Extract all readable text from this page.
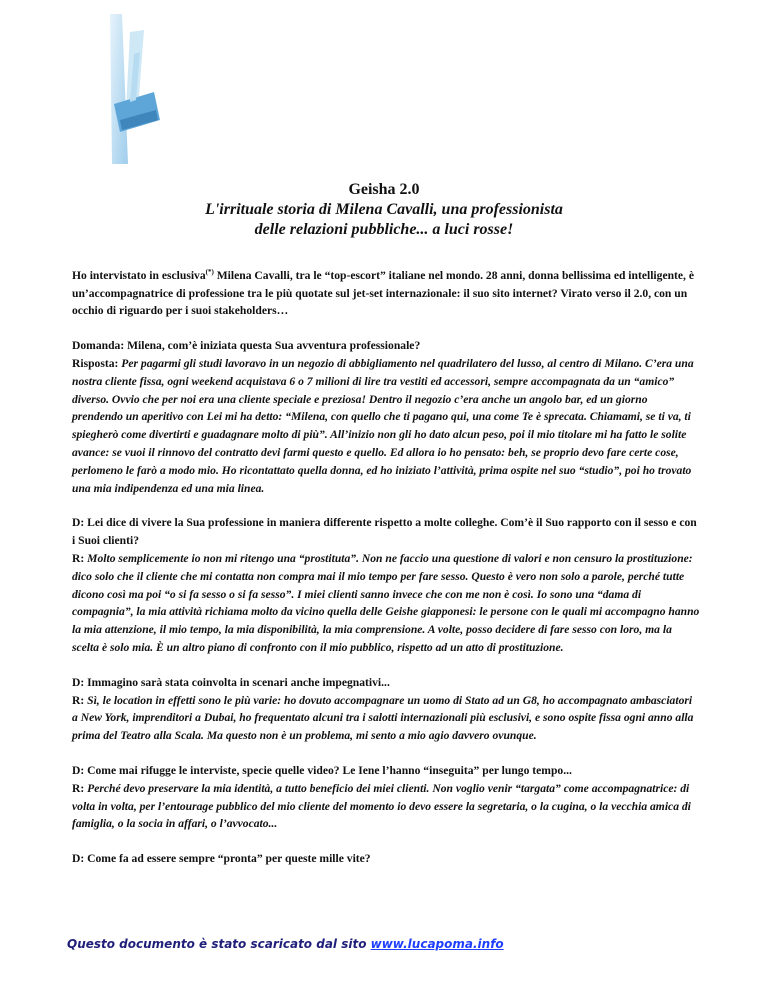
Geisha 2.0
L'irrituale storia di Milena Cavalli, una professionista
delle relazioni pubbliche... a luci rosse!

Ho intervistato in esclusiva(*) Milena Cavalli, tra le “top-escort” italiane nel mondo. 28 anni, donna bellissima ed intelligente, è un’accompagnatrice di professione tra le più quotate sul jet-set internazionale: il suo sito internet? Virato verso il 2.0, con un occhio di riguardo per i suoi stakeholders…

Domanda: Milena, com’è iniziata questa Sua avventura professionale?
Risposta: Per pagarmi gli studi lavoravo in un negozio di abbigliamento nel quadrilatero del lusso, al centro di Milano. C’era una nostra cliente fissa, ogni weekend acquistava 6 o 7 milioni di lire tra vestiti ed accessori, sempre accompagnata da un “amico” diverso. Ovvio che per noi era una cliente speciale e preziosa! Dentro il negozio c’era anche un angolo bar, ed un giorno prendendo un aperitivo con Lei mi ha detto: “Milena, con quello che ti pagano qui, una come Te è sprecata. Chiamami, se ti va, ti spiegherò come divertirti e guadagnare molto di più”. All’inizio non gli ho dato alcun peso, poi il mio titolare mi ha fatto le solite avance: se vuoi il rinnovo del contratto devi farmi questo e quello. Ed allora io ho pensato: beh, se proprio devo fare certe cose, perlomeno le farò a modo mio. Ho ricontattato quella donna, ed ho iniziato l’attività, prima ospite nel suo “studio”, poi ho trovato una mia indipendenza ed una mia linea.

D: Lei dice di vivere la Sua professione in maniera differente rispetto a molte colleghe. Com’è il Suo rapporto con il sesso e con i Suoi clienti?
R: Molto semplicemente io non mi ritengo una “prostituta”. Non ne faccio una questione di valori e non censuro la prostituzione: dico solo che il cliente che mi contatta non compra mai il mio tempo per fare sesso. Questo è vero non solo a parole, perché tutte dicono così ma poi “o si fa sesso o si fa sesso”. I miei clienti sanno invece che con me non è così. Io sono una “dama di compagnia”, la mia attività richiama molto da vicino quella delle Geishe giapponesi: le persone con le quali mi accompagno hanno la mia attenzione, il mio tempo, la mia disponibilità, la mia comprensione. A volte, posso decidere di fare sesso con loro, ma la scelta è solo mia. È un altro piano di confronto con il mio pubblico, rispetto ad un atto di prostituzione.

D: Immagino sarà stata coinvolta in scenari anche impegnativi...
R: Sì, le location in effetti sono le più varie: ho dovuto accompagnare un uomo di Stato ad un G8, ho accompagnato ambasciatori a New York, imprenditori a Dubai, ho frequentato alcuni tra i salotti internazionali più esclusivi, e sono ospite fissa ogni anno alla prima del Teatro alla Scala. Ma questo non è un problema, mi sento a mio agio davvero ovunque.

D: Come mai rifugge le interviste, specie quelle video? Le Iene l’hanno “inseguita” per lungo tempo...
R: Perché devo preservare la mia identità, a tutto beneficio dei miei clienti. Non voglio venir “targata” come accompagnatrice: di volta in volta, per l’entourage pubblico del mio cliente del momento io devo essere la segretaria, o la cugina, o la vecchia amica di famiglia, o la socia in affari, o l’avvocato...

D: Come fa ad essere sempre “pronta” per queste mille vite?

Questo documento è stato scaricato dal sito www.lucapoma.info
